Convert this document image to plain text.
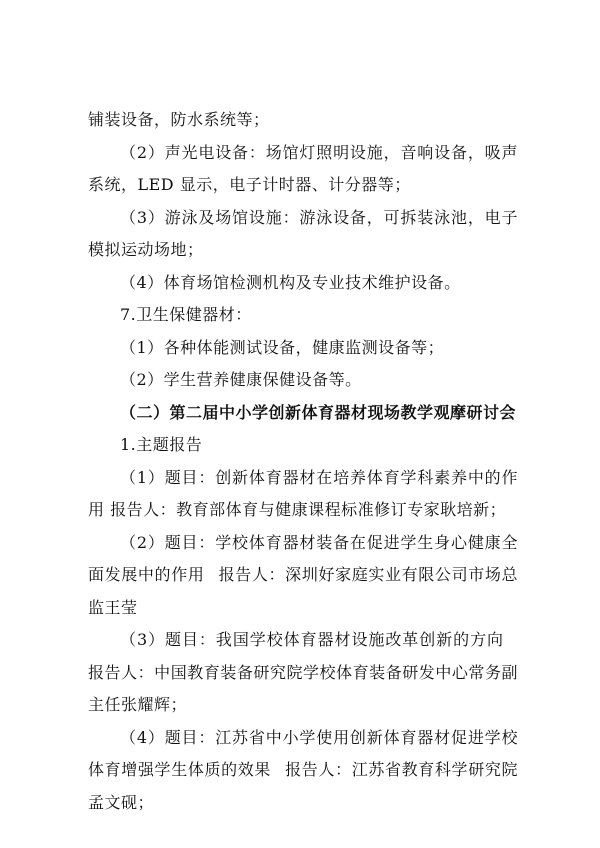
铺装设备，防水系统等；

（2）声光电设备：场馆灯照明设施，音响设备，吸声系统，LED 显示，电子计时器、计分器等；

（3）游泳及场馆设施：游泳设备，可拆装泳池，电子模拟运动场地；

（4）体育场馆检测机构及专业技术维护设备。

7.卫生保健器材：

（1）各种体能测试设备，健康监测设备等；

（2）学生营养健康保健设备等。

（二）第二届中小学创新体育器材现场教学观摩研讨会

1.主题报告

（1）题目：创新体育器材在培养体育学科素养中的作用 报告人：教育部体育与健康课程标准修订专家耿培新；

（2）题目：学校体育器材装备在促进学生身心健康全面发展中的作用 报告人：深圳好家庭实业有限公司市场总监王莹

（3）题目：我国学校体育器材设施改革创新的方向报告人：中国教育装备研究院学校体育装备研发中心常务副主任张耀辉；

（4）题目：江苏省中小学使用创新体育器材促进学校体育增强学生体质的效果 报告人：江苏省教育科学研究院孟文砚；
